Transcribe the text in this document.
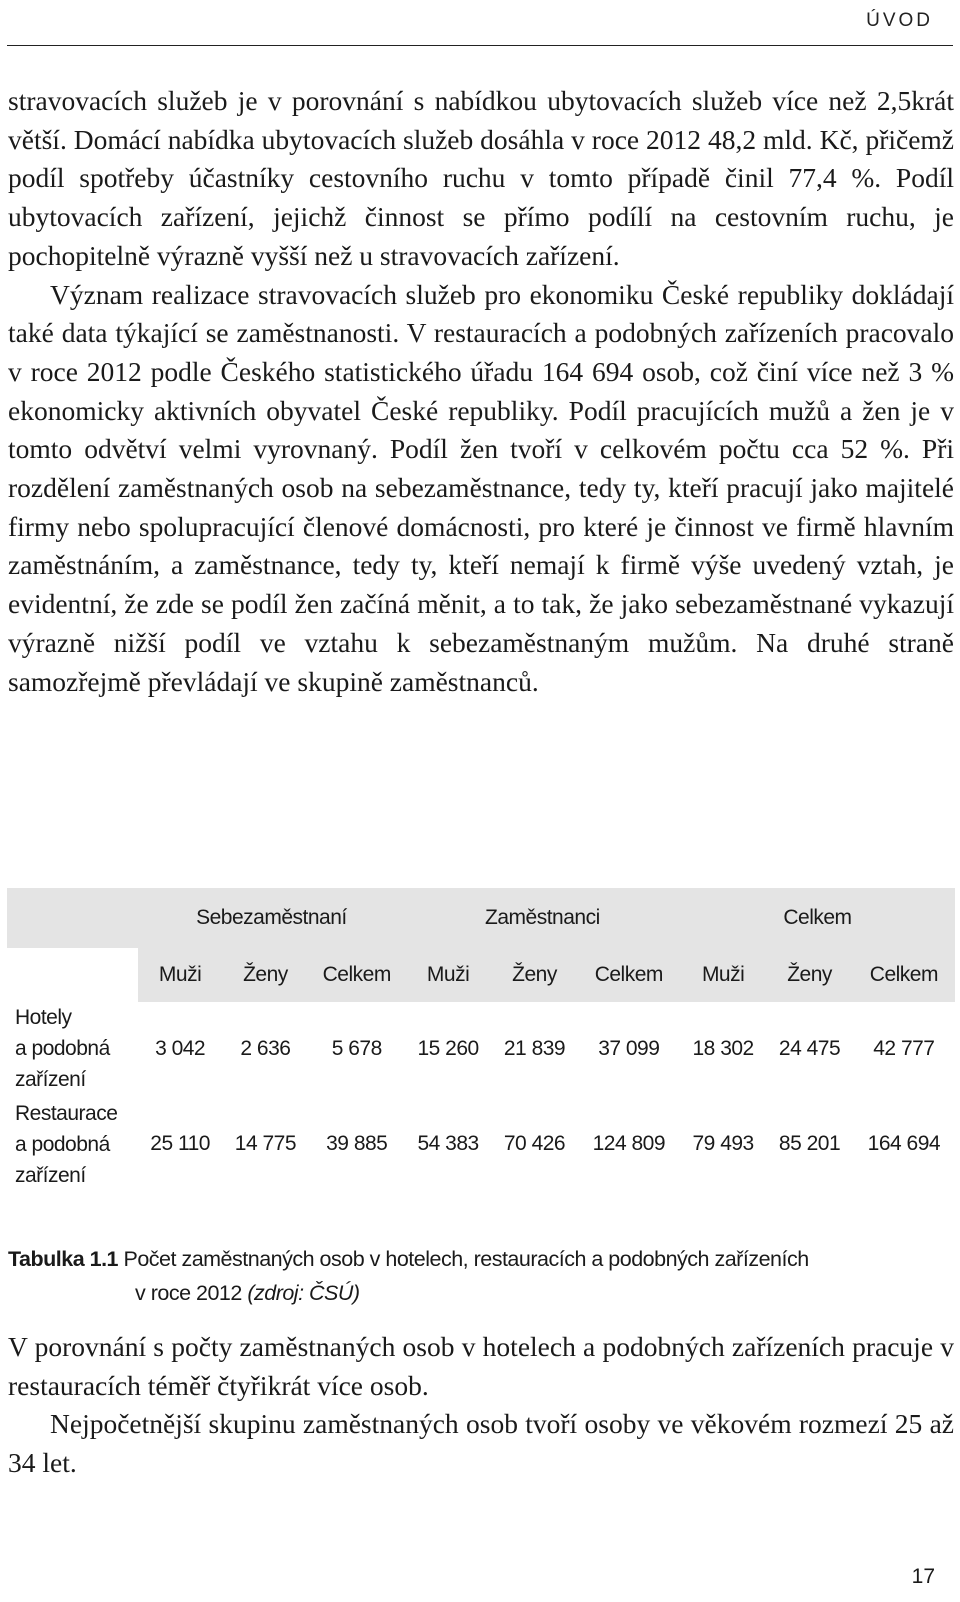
ÚVOD

stravovacích služeb je v porovnání s nabídkou ubytovacích služeb více než 2,5krát větší. Domácí nabídka ubytovacích služeb dosáhla v roce 2012 48,2 mld. Kč, přičemž podíl spotřeby účastníky cestovního ruchu v tomto případě činil 77,4 %. Podíl ubytovacích zařízení, jejichž činnost se přímo podílí na cestovním ruchu, je pochopitelně výrazně vyšší než u stravovacích zařízení.

Význam realizace stravovacích služeb pro ekonomiku České republiky dokládají také data týkající se zaměstnanosti. V restauracích a podobných zařízeních pracovalo v roce 2012 podle Českého statistického úřadu 164 694 osob, což činí více než 3 % ekonomicky aktivních obyvatel České republiky. Podíl pracujících mužů a žen je v tomto odvětví velmi vyrovnaný. Podíl žen tvoří v celkovém počtu cca 52 %. Při rozdělení zaměstnaných osob na sebezaměstnance, tedy ty, kteří pracují jako majitelé firmy nebo spolupracující členové domácnosti, pro které je činnost ve firmě hlavním zaměstnáním, a zaměstnance, tedy ty, kteří nemají k firmě výše uvedený vztah, je evidentní, že zde se podíl žen začíná měnit, a to tak, že jako sebezaměstnané vykazují výrazně nižší podíl ve vztahu k sebezaměstnaným mužům. Na druhé straně samozřejmě převládají ve skupině zaměstnanců.

	Sebezaměstnaní			Zaměstnanci			Celkem		
	Muži	Ženy	Celkem	Muži	Ženy	Celkem	Muži	Ženy	Celkem
Hotely
a podobná
zařízení	3 042	2 636	5 678	15 260	21 839	37 099	18 302	24 475	42 777
Restaurace
a podobná
zařízení	25 110	14 775	39 885	54 383	70 426	124 809	79 493	85 201	164 694
Tabulka 1.1 Počet zaměstnaných osob v hotelech, restauracích a podobných zařízeních
v roce 2012 (zdroj: ČSÚ)

V porovnání s počty zaměstnaných osob v hotelech a podobných zařízeních pracuje v restauracích téměř čtyřikrát více osob.

Nejpočetnější skupinu zaměstnaných osob tvoří osoby ve věkovém rozmezí 25 až 34 let.

17
